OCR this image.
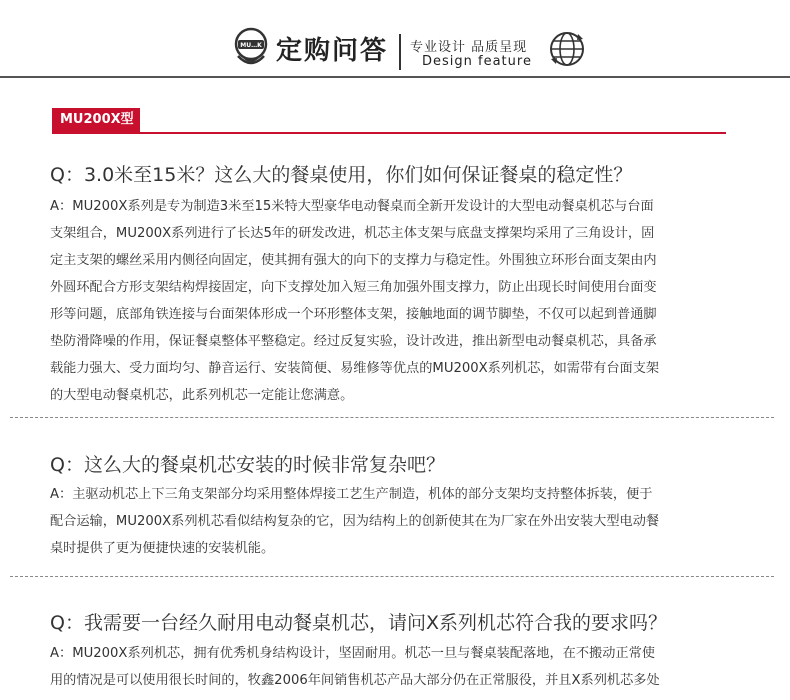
MU…K 定购问答 专业设计 品质呈现
Design feature
MU200X型
Q：3.0米至15米？这么大的餐桌使用，你们如何保证餐桌的稳定性？

A：MU200X系列是专为制造3米至15米特大型豪华电动餐桌而全新开发设计的大型电动餐桌机芯与台面

支架组合，MU200X系列进行了长达5年的研发改进，机芯主体支架与底盘支撑架均采用了三角设计，固

定主支架的螺丝采用内侧径向固定，使其拥有强大的向下的支撑力与稳定性。外围独立环形台面支架由内

外圆环配合方形支架结构焊接固定，向下支撑处加入短三角加强外围支撑力，防止出现长时间使用台面变

形等问题，底部角铁连接与台面架体形成一个环形整体支架，接触地面的调节脚垫，不仅可以起到普通脚

垫防滑降噪的作用，保证餐桌整体平整稳定。经过反复实验，设计改进，推出新型电动餐桌机芯，具备承

载能力强大、受力面均匀、静音运行、安装简便、易维修等优点的MU200X系列机芯，如需带有台面支架

的大型电动餐桌机芯，此系列机芯一定能让您满意。

Q：这么大的餐桌机芯安装的时候非常复杂吧？

A：主驱动机芯上下三角支架部分均采用整体焊接工艺生产制造，机体的部分支架均支持整体拆装，便于

配合运输，MU200X系列机芯看似结构复杂的它，因为结构上的创新使其在为厂家在外出安装大型电动餐

桌时提供了更为便捷快速的安装机能。

Q：我需要一台经久耐用电动餐桌机芯，请问X系列机芯符合我的要求吗？

A：MU200X系列机芯，拥有优秀机身结构设计，坚固耐用。机芯一旦与餐桌装配落地，在不搬动正常使

用的情况是可以使用很长时间的，牧鑫2006年间销售机芯产品大部分仍在正常服役，并且X系列机芯多处
